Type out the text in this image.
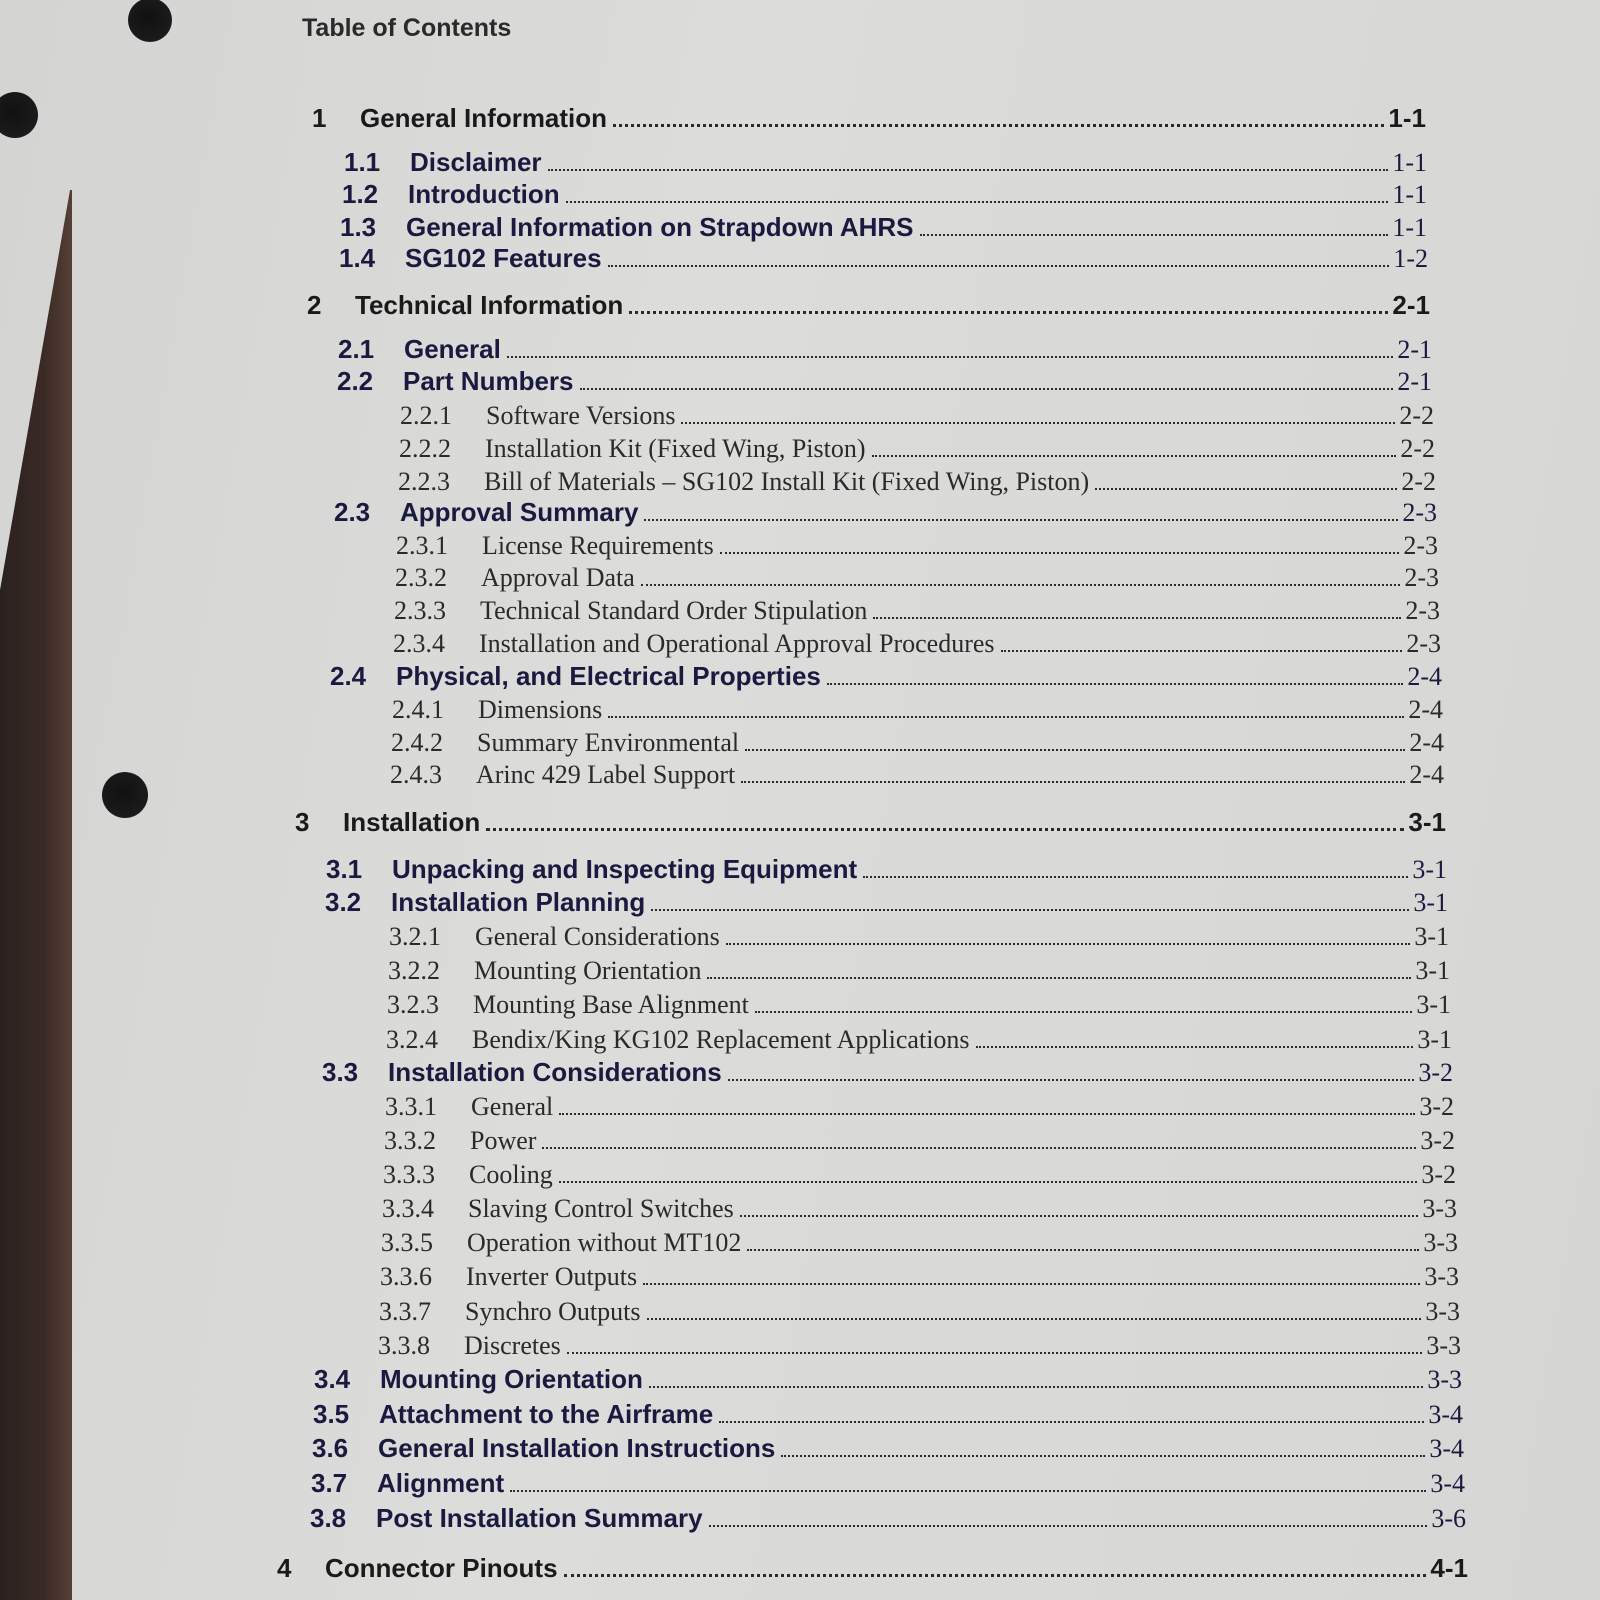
Table of Contents
1	General Information	1-1
1.1	Disclaimer	1-1
1.2	Introduction	1-1
1.3	General Information on Strapdown AHRS	1-1
1.4	SG102 Features	1-2
2	Technical Information	2-1
2.1	General	2-1
2.2	Part Numbers	2-1
2.2.1	Software Versions	2-2
2.2.2	Installation Kit (Fixed Wing, Piston)	2-2
2.2.3	Bill of Materials – SG102 Install Kit (Fixed Wing, Piston)	2-2
2.3	Approval Summary	2-3
2.3.1	License Requirements	2-3
2.3.2	Approval Data	2-3
2.3.3	Technical Standard Order Stipulation	2-3
2.3.4	Installation and Operational Approval Procedures	2-3
2.4	Physical, and Electrical Properties	2-4
2.4.1	Dimensions	2-4
2.4.2	Summary Environmental	2-4
2.4.3	Arinc 429 Label Support	2-4
3	Installation	3-1
3.1	Unpacking and Inspecting Equipment	3-1
3.2	Installation Planning	3-1
3.2.1	General Considerations	3-1
3.2.2	Mounting Orientation	3-1
3.2.3	Mounting Base Alignment	3-1
3.2.4	Bendix/King KG102 Replacement Applications	3-1
3.3	Installation Considerations	3-2
3.3.1	General	3-2
3.3.2	Power	3-2
3.3.3	Cooling	3-2
3.3.4	Slaving Control Switches	3-3
3.3.5	Operation without MT102	3-3
3.3.6	Inverter Outputs	3-3
3.3.7	Synchro Outputs	3-3
3.3.8	Discretes	3-3
3.4	Mounting Orientation	3-3
3.5	Attachment to the Airframe	3-4
3.6	General Installation Instructions	3-4
3.7	Alignment	3-4
3.8	Post Installation Summary	3-6
4	Connector Pinouts	4-1
